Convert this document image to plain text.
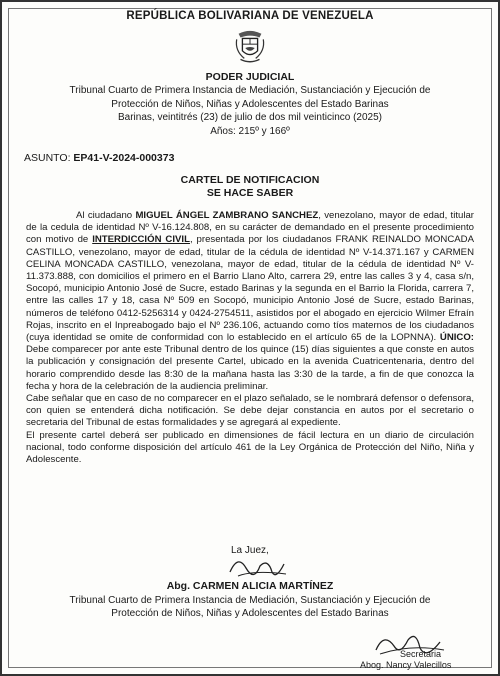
REPÚBLICA BOLIVARIANA DE VENEZUELA
PODER JUDICIAL
Tribunal Cuarto de Primera Instancia de Mediación, Sustanciación y Ejecución de
Protección de Niños, Niñas y Adolescentes del Estado Barinas
Barinas, veintitrés (23) de julio de dos mil veinticinco (2025)
Años: 215º y 166º
ASUNTO: EP41-V-2024-000373
CARTEL DE NOTIFICACION
SE HACE SABER

Al ciudadano MIGUEL ÁNGEL ZAMBRANO SANCHEZ, venezolano, mayor de edad, titular de la cedula de identidad Nº V-16.124.808, en su carácter de demandado en el presente procedimiento con motivo de INTERDICCIÓN CIVIL, presentada por los ciudadanos FRANK REINALDO MONCADA CASTILLO, venezolano, mayor de edad, titular de la cédula de identidad Nº V-14.371.167 y CARMEN CELINA MONCADA CASTILLO, venezolana, mayor de edad, titular de la cédula de identidad Nº V-11.373.888, con domicilios el primero en el Barrio Llano Alto, carrera 29, entre las calles 3 y 4, casa s/n, Socopó, municipio Antonio José de Sucre, estado Barinas y la segunda en el Barrio la Florida, carrera 7, entre las calles 17 y 18, casa Nº 509 en Socopó, municipio Antonio José de Sucre, estado Barinas, números de teléfono 0412-5256314 y 0424-2754511, asistidos por el abogado en ejercicio Wilmer Efraín Rojas, inscrito en el Inpreabogado bajo el Nº 236.106, actuando como tíos maternos de los ciudadanos (cuya identidad se omite de conformidad con lo establecido en el artículo 65 de la LOPNNA). ÚNICO: Debe comparecer por ante este Tribunal dentro de los quince (15) días siguientes a que conste en autos la publicación y consignación del presente Cartel, ubicado en la avenida Cuatricentenaria, dentro del horario comprendido desde las 8:30 de la mañana hasta las 3:30 de la tarde, a fin de que conozca la fecha y hora de la celebración de la audiencia preliminar.

Cabe señalar que en caso de no comparecer en el plazo señalado, se le nombrará defensor o defensora, con quien se entenderá dicha notificación. Se debe dejar constancia en autos por el secretario o secretaria del Tribunal de estas formalidades y se agregará al expediente.

El presente cartel deberá ser publicado en dimensiones de fácil lectura en un diario de circulación nacional, todo conforme disposición del artículo 461 de la Ley Orgánica de Protección del Niño, Niña y Adolescente.

La Juez,
Abg. CARMEN ALICIA MARTÍNEZ
Tribunal Cuarto de Primera Instancia de Mediación, Sustanciación y Ejecución de
Protección de Niños, Niñas y Adolescentes del Estado Barinas
Secretaria
Abog. Nancy Valecillos
